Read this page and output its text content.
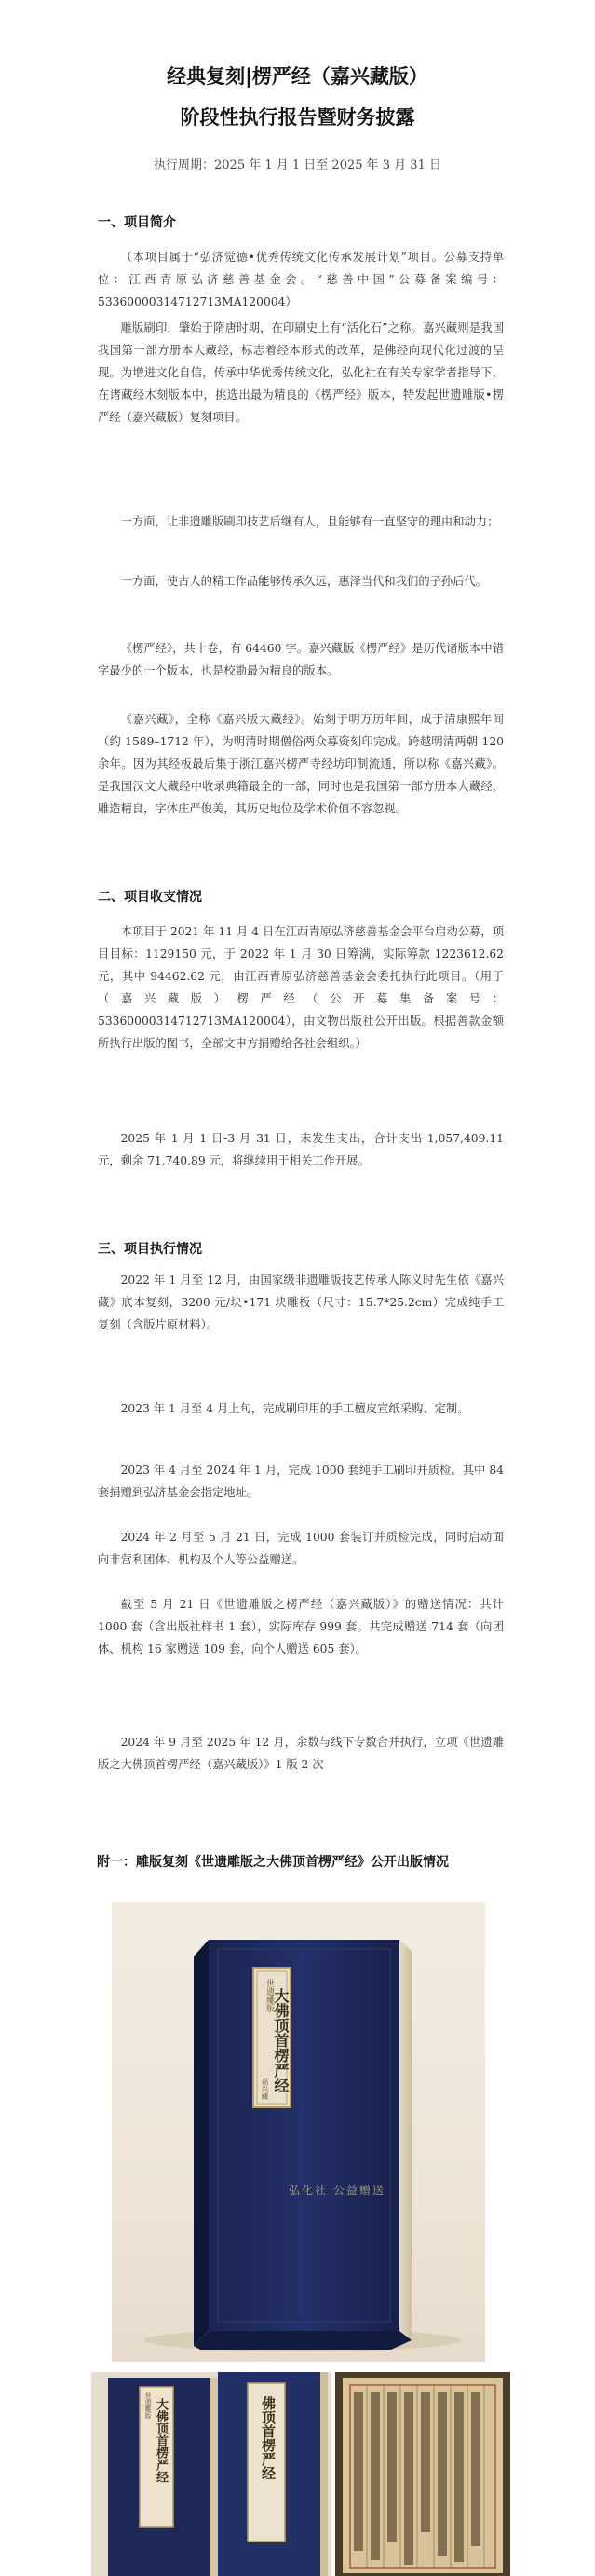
经典复刻|楞严经（嘉兴藏版）
阶段性执行报告暨财务披露
执行周期：2025 年 1 月 1 日至 2025 年 3 月 31 日
一、项目简介

（本项目属于“弘济觉德•优秀传统文化传承发展计划”项目。公募支持单位：江西青原弘济慈善基金会。“慈善中国”公募备案编号：53360000314712713MA120004）

雕版刷印，肇始于隋唐时期，在印刷史上有“活化石”之称。嘉兴藏则是我国我国第一部方册本大藏经，标志着经本形式的改革，是佛经向现代化过渡的呈现。为增进文化自信，传承中华优秀传统文化，弘化社在有关专家学者指导下，在诸藏经木刻版本中，挑选出最为精良的《楞严经》版本，特发起世遗雕版•楞严经（嘉兴藏版）复刻项目。

一方面，让非遗雕版刷印技艺后继有人，且能够有一直坚守的理由和动力；

一方面，使古人的精工作品能够传承久远，惠泽当代和我们的子孙后代。

《楞严经》，共十卷，有 64460 字。嘉兴藏版《楞严经》是历代诸版本中错字最少的一个版本，也是校勘最为精良的版本。

《嘉兴藏》，全称《嘉兴版大藏经》。始刻于明万历年间，成于清康熙年间（约 1589–1712 年），为明清时期僧俗两众募资刻印完成。跨越明清两朝 120 余年。因为其经板最后集于浙江嘉兴楞严寺经坊印制流通，所以称《嘉兴藏》。是我国汉文大藏经中收录典籍最全的一部，同时也是我国第一部方册本大藏经，雕造精良，字体庄严俊美，其历史地位及学术价值不容忽视。

二、项目收支情况

本项目于 2021 年 11 月 4 日在江西青原弘济慈善基金会平台启动公募，项目目标：1129150 元，于 2022 年 1 月 30 日筹满，实际筹款 1223612.62 元，其中 94462.62 元，由江西青原弘济慈善基金会委托执行此项目。（用于（嘉兴藏版）楞严经（公开募集备案号：53360000314712713MA120004），由文物出版社公开出版。根据善款金额所执行出版的图书，全部文申方捐赠给各社会组织。）

2025 年 1 月 1 日-3 月 31 日，未发生支出，合计支出 1,057,409.11 元，剩余 71,740.89 元，将继续用于相关工作开展。

三、项目执行情况

2022 年 1 月至 12 月，由国家级非遗雕版技艺传承人陈义时先生依《嘉兴藏》底本复刻，3200 元/块•171 块雕板（尺寸：15.7*25.2cm）完成纯手工复刻（含版片原材料）。

2023 年 1 月至 4 月上旬，完成刷印用的手工檀皮宣纸采购、定制。

2023 年 4 月至 2024 年 1 月，完成 1000 套纯手工刷印并质检。其中 84 套捐赠到弘济基金会指定地址。

2024 年 2 月至 5 月 21 日，完成 1000 套装订并质检完成，同时启动面向非营利团体、机构及个人等公益赠送。

截至 5 月 21 日《世遗雕版之楞严经（嘉兴藏版）》的赠送情况：共计 1000 套（含出版社样书 1 套），实际库存 999 套。共完成赠送 714 套（向团体、机构 16 家赠送 109 套，向个人赠送 605 套）。

2024 年 9 月至 2025 年 12 月，余数与线下专数合并执行，立项《世遗雕版之大佛顶首楞严经（嘉兴藏版）》1 版 2 次

附一：雕版复刻《世遗雕版之大佛顶首楞严经》公开出版情况
世遗雕版
大佛顶首楞严经
嘉兴藏
弘化社 公益赠送
世遗雕版 大佛顶首楞严经	佛顶首楞严经
